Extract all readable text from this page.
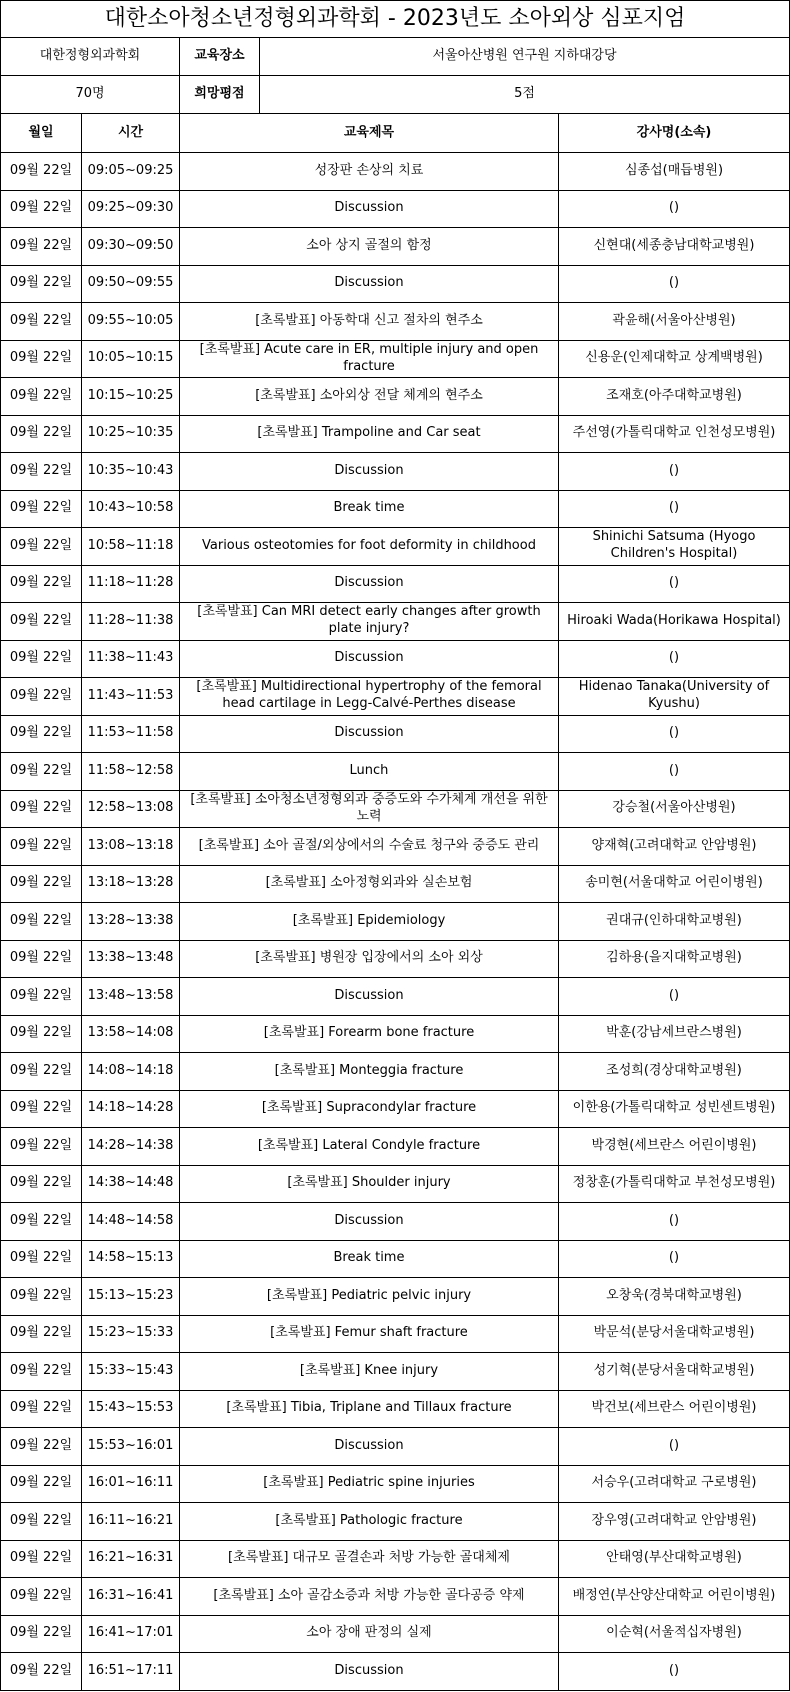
대한소아청소년정형외과학회 - 2023년도 소아외상 심포지엄				
대한정형외과학회		교육장소	서울아산병원 연구원 지하대강당	
70명		희망평점	5점	
월일	시간	교육제목		강사명(소속)
09월 22일	09:05~09:25	성장판 손상의 치료		심종섭(매듭병원)
09월 22일	09:25~09:30	Discussion		()
09월 22일	09:30~09:50	소아 상지 골절의 함정		신현대(세종충남대학교병원)
09월 22일	09:50~09:55	Discussion		()
09월 22일	09:55~10:05	[초록발표] 아동학대 신고 절차의 현주소		곽윤해(서울아산병원)
09월 22일	10:05~10:15	[초록발표] Acute care in ER, multiple injury and open fracture		신용운(인제대학교 상계백병원)
09월 22일	10:15~10:25	[초록발표] 소아외상 전달 체계의 현주소		조재호(아주대학교병원)
09월 22일	10:25~10:35	[초록발표] Trampoline and Car seat		주선영(가톨릭대학교 인천성모병원)
09월 22일	10:35~10:43	Discussion		()
09월 22일	10:43~10:58	Break time		()
09월 22일	10:58~11:18	Various osteotomies for foot deformity in childhood		Shinichi Satsuma (Hyogo Children's Hospital)
09월 22일	11:18~11:28	Discussion		()
09월 22일	11:28~11:38	[초록발표] Can MRI detect early changes after growth plate injury?		Hiroaki Wada(Horikawa Hospital)
09월 22일	11:38~11:43	Discussion		()
09월 22일	11:43~11:53	[초록발표] Multidirectional hypertrophy of the femoral head cartilage in Legg-Calvé-Perthes disease		Hidenao Tanaka(University of Kyushu)
09월 22일	11:53~11:58	Discussion		()
09월 22일	11:58~12:58	Lunch		()
09월 22일	12:58~13:08	[초록발표] 소아청소년정형외과 중증도와 수가체계 개선을 위한 노력		강승철(서울아산병원)
09월 22일	13:08~13:18	[초록발표] 소아 골절/외상에서의 수술료 청구와 중증도 관리		양재혁(고려대학교 안암병원)
09월 22일	13:18~13:28	[초록발표] 소아정형외과와 실손보험		송미현(서울대학교 어린이병원)
09월 22일	13:28~13:38	[초록발표] Epidemiology		권대규(인하대학교병원)
09월 22일	13:38~13:48	[초록발표] 병원장 입장에서의 소아 외상		김하용(을지대학교병원)
09월 22일	13:48~13:58	Discussion		()
09월 22일	13:58~14:08	[초록발표] Forearm bone fracture		박훈(강남세브란스병원)
09월 22일	14:08~14:18	[초록발표] Monteggia fracture		조성희(경상대학교병원)
09월 22일	14:18~14:28	[초록발표] Supracondylar fracture		이한용(가톨릭대학교 성빈센트병원)
09월 22일	14:28~14:38	[초록발표] Lateral Condyle fracture		박경현(세브란스 어린이병원)
09월 22일	14:38~14:48	[초록발표] Shoulder injury		정창훈(가톨릭대학교 부천성모병원)
09월 22일	14:48~14:58	Discussion		()
09월 22일	14:58~15:13	Break time		()
09월 22일	15:13~15:23	[초록발표] Pediatric pelvic injury		오창욱(경북대학교병원)
09월 22일	15:23~15:33	[초록발표] Femur shaft fracture		박문석(분당서울대학교병원)
09월 22일	15:33~15:43	[초록발표] Knee injury		성기혁(분당서울대학교병원)
09월 22일	15:43~15:53	[초록발표] Tibia, Triplane and Tillaux fracture		박건보(세브란스 어린이병원)
09월 22일	15:53~16:01	Discussion		()
09월 22일	16:01~16:11	[초록발표] Pediatric spine injuries		서승우(고려대학교 구로병원)
09월 22일	16:11~16:21	[초록발표] Pathologic fracture		장우영(고려대학교 안암병원)
09월 22일	16:21~16:31	[초록발표] 대규모 골결손과 처방 가능한 골대체제		안태영(부산대학교병원)
09월 22일	16:31~16:41	[초록발표] 소아 골감소증과 처방 가능한 골다공증 약제		배정연(부산양산대학교 어린이병원)
09월 22일	16:41~17:01	소아 장애 판정의 실제		이순혁(서울적십자병원)
09월 22일	16:51~17:11	Discussion		()
